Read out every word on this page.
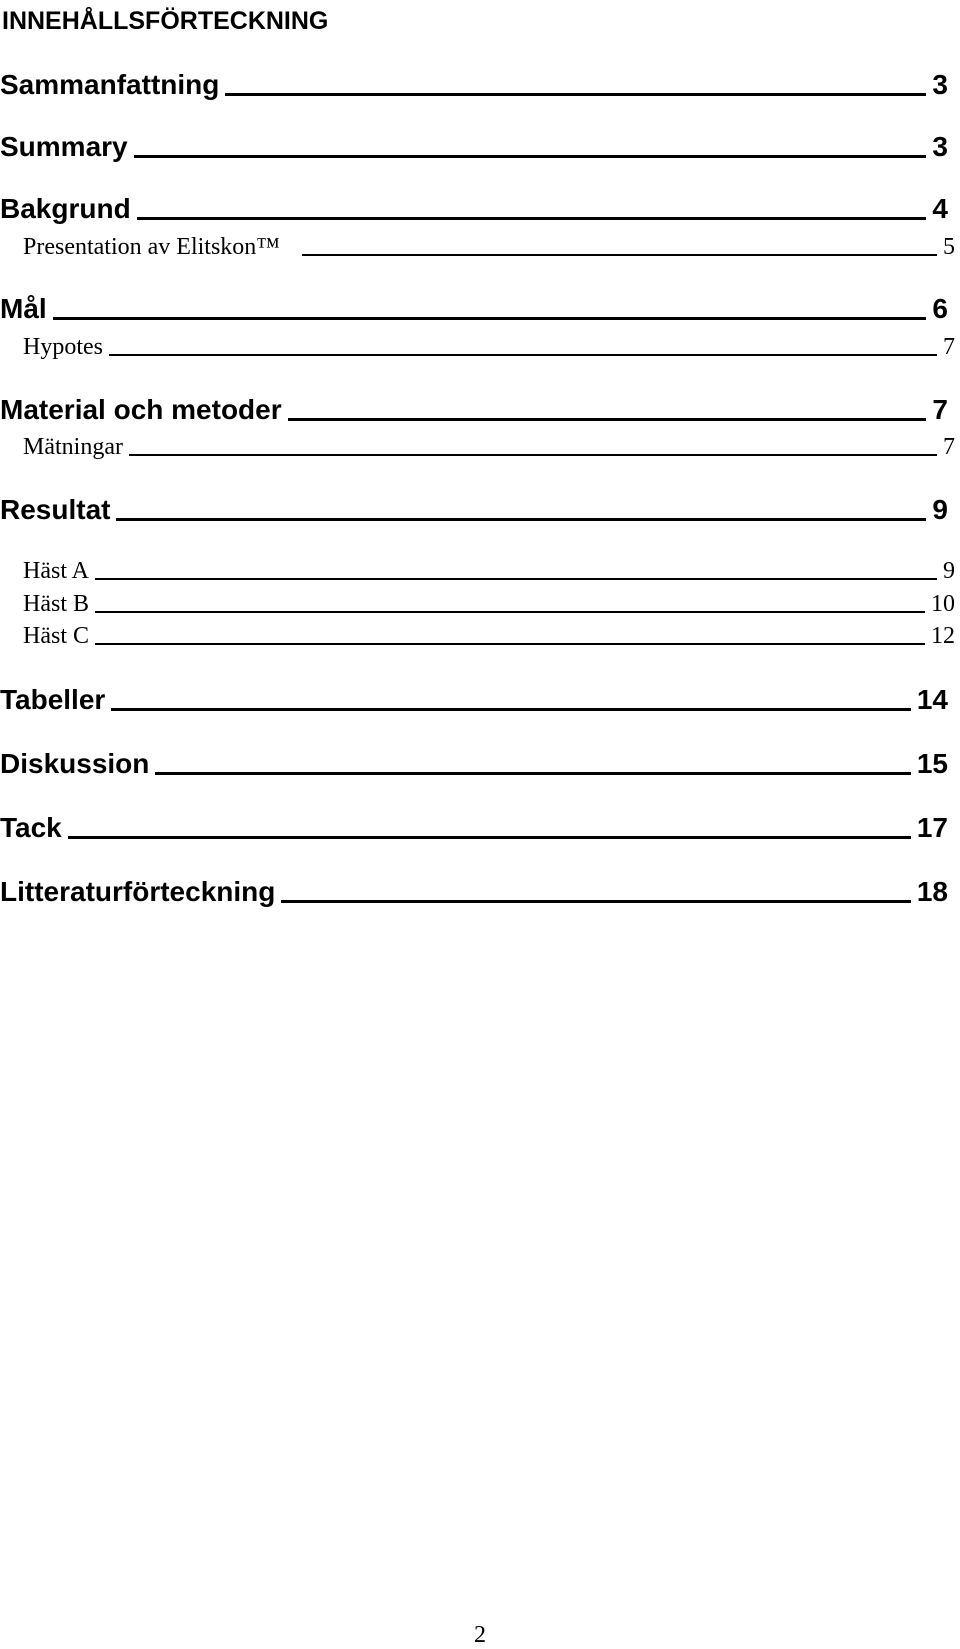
INNEHÅLLSFÖRTECKNING
Sammanfattning	3
Summary	3
Bakgrund	4
Presentation av Elitskon™	5
Mål	6
Hypotes	7
Material och metoder	7
Mätningar	7
Resultat	9
Häst A	9
Häst B	10
Häst C	12
Tabeller	14
Diskussion	15
Tack	17
Litteraturförteckning	18
2
